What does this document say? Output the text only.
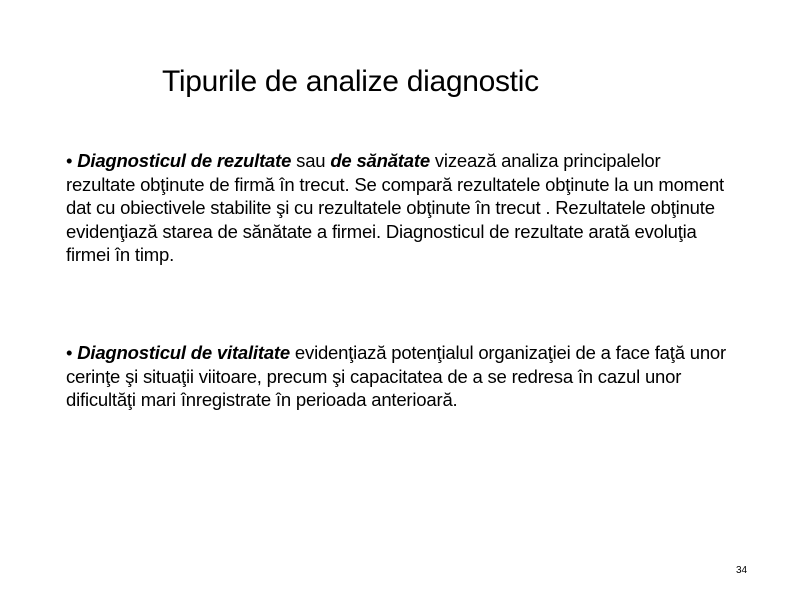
Tipurile de analize diagnostic
• Diagnosticul de rezultate sau de sănătate vizează analiza principalelor rezultate obţinute de firmă în trecut. Se compară rezultatele obţinute la un moment dat cu obiectivele stabilite şi cu rezultatele obţinute în trecut . Rezultatele obţinute evidenţiază starea de sănătate a firmei. Diagnosticul de rezultate arată evoluţia firmei în timp.
• Diagnosticul de vitalitate evidenţiază potenţialul organizaţiei de a face faţă unor cerinţe şi situaţii viitoare, precum şi capacitatea de a se redresa în cazul unor dificultăţi mari înregistrate în perioada anterioară.
34
